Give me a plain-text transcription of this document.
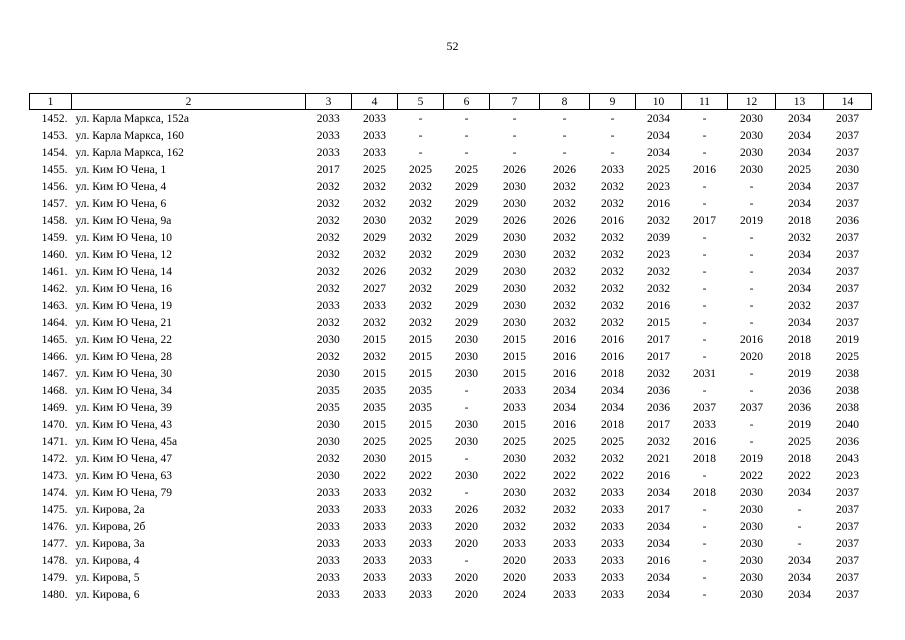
52
1	2	3	4	5	6	7	8	9	10	11	12	13	14
1452.	ул. Карла Маркса, 152а	2033	2033	-	-	-	-	-	2034	-	2030	2034	2037
1453.	ул. Карла Маркса, 160	2033	2033	-	-	-	-	-	2034	-	2030	2034	2037
1454.	ул. Карла Маркса, 162	2033	2033	-	-	-	-	-	2034	-	2030	2034	2037
1455.	ул. Ким Ю Чена, 1	2017	2025	2025	2025	2026	2026	2033	2025	2016	2030	2025	2030
1456.	ул. Ким Ю Чена, 4	2032	2032	2032	2029	2030	2032	2032	2023	-	-	2034	2037
1457.	ул. Ким Ю Чена, 6	2032	2032	2032	2029	2030	2032	2032	2016	-	-	2034	2037
1458.	ул. Ким Ю Чена, 9а	2032	2030	2032	2029	2026	2026	2016	2032	2017	2019	2018	2036
1459.	ул. Ким Ю Чена, 10	2032	2029	2032	2029	2030	2032	2032	2039	-	-	2032	2037
1460.	ул. Ким Ю Чена, 12	2032	2032	2032	2029	2030	2032	2032	2023	-	-	2034	2037
1461.	ул. Ким Ю Чена, 14	2032	2026	2032	2029	2030	2032	2032	2032	-	-	2034	2037
1462.	ул. Ким Ю Чена, 16	2032	2027	2032	2029	2030	2032	2032	2032	-	-	2034	2037
1463.	ул. Ким Ю Чена, 19	2033	2033	2032	2029	2030	2032	2032	2016	-	-	2032	2037
1464.	ул. Ким Ю Чена, 21	2032	2032	2032	2029	2030	2032	2032	2015	-	-	2034	2037
1465.	ул. Ким Ю Чена, 22	2030	2015	2015	2030	2015	2016	2016	2017	-	2016	2018	2019
1466.	ул. Ким Ю Чена, 28	2032	2032	2015	2030	2015	2016	2016	2017	-	2020	2018	2025
1467.	ул. Ким Ю Чена, 30	2030	2015	2015	2030	2015	2016	2018	2032	2031	-	2019	2038
1468.	ул. Ким Ю Чена, 34	2035	2035	2035	-	2033	2034	2034	2036	-	-	2036	2038
1469.	ул. Ким Ю Чена, 39	2035	2035	2035	-	2033	2034	2034	2036	2037	2037	2036	2038
1470.	ул. Ким Ю Чена, 43	2030	2015	2015	2030	2015	2016	2018	2017	2033	-	2019	2040
1471.	ул. Ким Ю Чена, 45а	2030	2025	2025	2030	2025	2025	2025	2032	2016	-	2025	2036
1472.	ул. Ким Ю Чена, 47	2032	2030	2015	-	2030	2032	2032	2021	2018	2019	2018	2043
1473.	ул. Ким Ю Чена, 63	2030	2022	2022	2030	2022	2022	2022	2016	-	2022	2022	2023
1474.	ул. Ким Ю Чена, 79	2033	2033	2032	-	2030	2032	2033	2034	2018	2030	2034	2037
1475.	ул. Кирова, 2а	2033	2033	2033	2026	2032	2032	2033	2017	-	2030	-	2037
1476.	ул. Кирова, 2б	2033	2033	2033	2020	2032	2032	2033	2034	-	2030	-	2037
1477.	ул. Кирова, 3а	2033	2033	2033	2020	2033	2033	2033	2034	-	2030	-	2037
1478.	ул. Кирова, 4	2033	2033	2033	-	2020	2033	2033	2016	-	2030	2034	2037
1479.	ул. Кирова, 5	2033	2033	2033	2020	2020	2033	2033	2034	-	2030	2034	2037
1480.	ул. Кирова, 6	2033	2033	2033	2020	2024	2033	2033	2034	-	2030	2034	2037
